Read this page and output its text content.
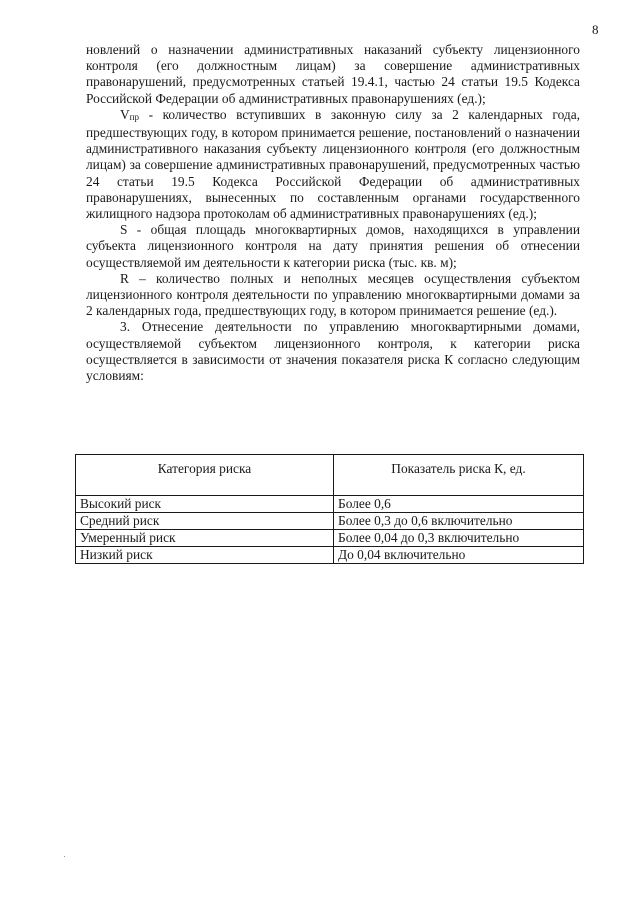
8

новлений о назначении административных наказаний субъекту лицензионного контроля (его должностным лицам) за совершение административных правонарушений, предусмотренных статьей 19.4.1, частью 24 статьи 19.5 Кодекса Российской Федерации об административных правонарушениях (ед.);

$V_{пр}$ - количество вступивших в законную силу за 2 календарных года, предшествующих году, в котором принимается решение, постановлений о назначении административного наказания субъекту лицензионного контроля (его должностным лицам) за совершение административных правонарушений, предусмотренных частью 24 статьи 19.5 Кодекса Российской Федерации об административных правонарушениях, вынесенных по составленным органами государственного жилищного надзора протоколам об административных правонарушениях (ед.);

S - общая площадь многоквартирных домов, находящихся в управлении субъекта лицензионного контроля на дату принятия решения об отнесении осуществляемой им деятельности к категории риска (тыс. кв. м);

R – количество полных и неполных месяцев осуществления субъектом лицензионного контроля деятельности по управлению многоквартирными домами за 2 календарных года, предшествующих году, в котором принимается решение (ед.).

3. Отнесение деятельности по управлению многоквартирными домами, осуществляемой субъектом лицензионного контроля, к категории риска осуществляется в зависимости от значения показателя риска К согласно следующим условиям:

Категория риска	Показатель риска К, ед.
Высокий риск	Более 0,6
Средний риск	Более 0,3 до 0,6 включительно
Умеренный риск	Более 0,04 до 0,3 включительно
Низкий риск	До 0,04 включительно
